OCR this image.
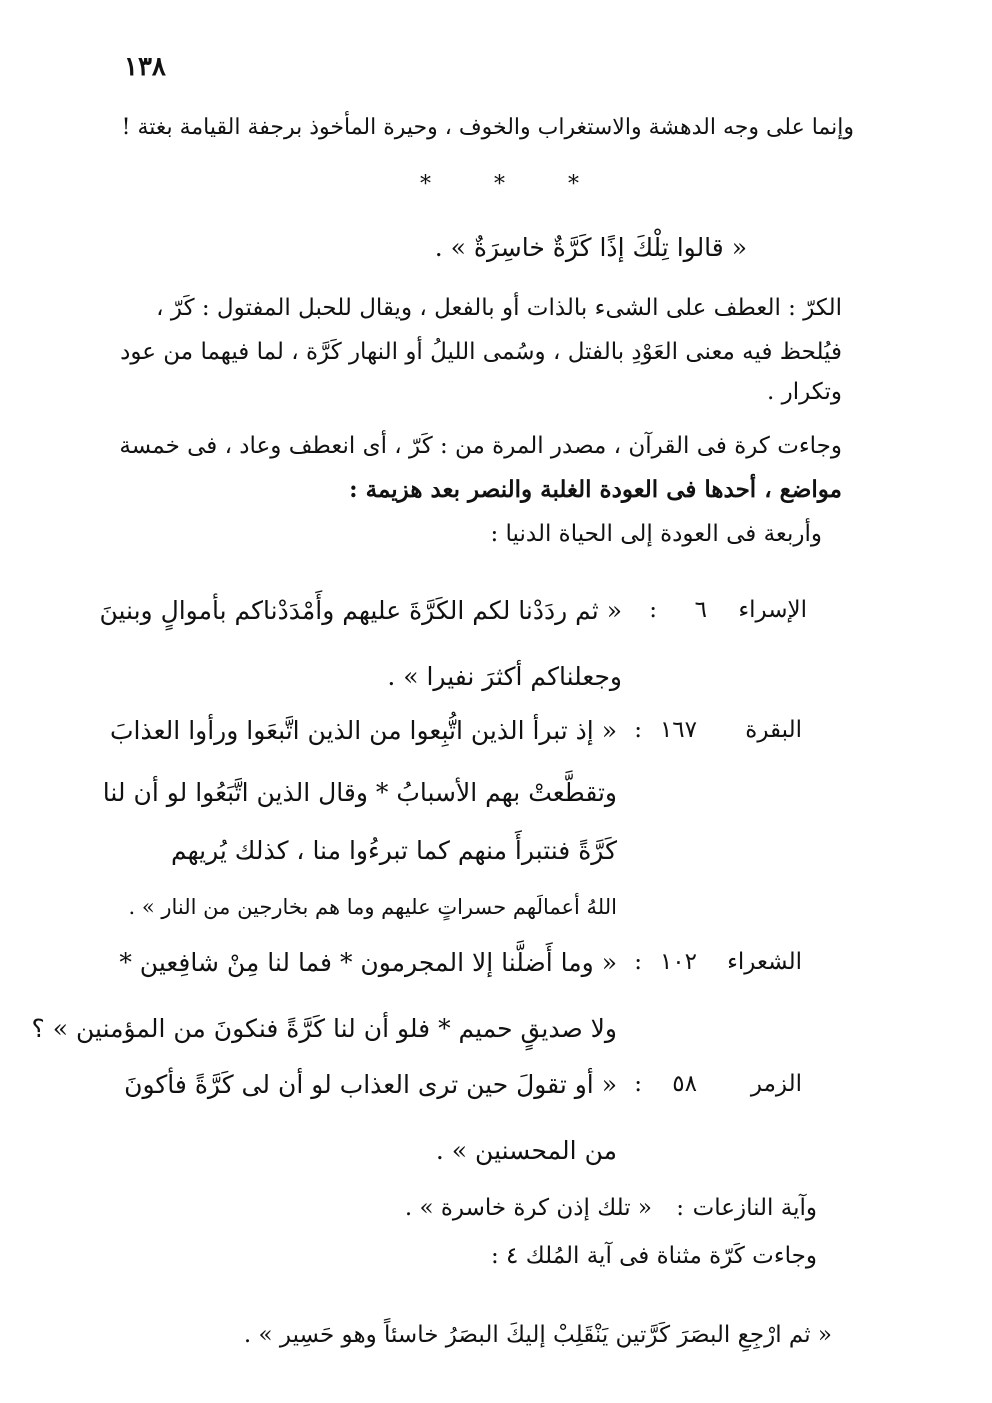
١٣٨
وإنما على وجه الدهشة والاستغراب والخوف ، وحيرة المأخوذ برجفة القيامة بغتة !
* * *
« قالوا تِلْكَ إذًا كَرَّةٌ خاسِرَةٌ » .
الكرّ : العطف على الشىء بالذات أو بالفعل ، ويقال للحبل المفتول : كَرّ ،
فيُلحظ فيه معنى العَوْدِ بالفتل ، وسُمى الليلُ أو النهار كَرَّة ، لما فيهما من عود
وتكرار .
وجاءت كرة فى القرآن ، مصدر المرة من : كَرّ ، أى انعطف وعاد ، فى خمسة
مواضع ، أحدها فى العودة الغلبة والنصر بعد هزيمة :
وأربعة فى العودة إلى الحياة الدنيا :
الإسراء
٦
:
« ثم ردَدْنا لكم الكَرَّةَ عليهم وأَمْدَدْناكم بأموالٍ وبنينَ
وجعلناكم أكثرَ نفيرا » .
البقرة
١٦٧
:
« إذ تبرأ الذين اتُّبِعوا من الذين اتَّبعَوا ورأوا العذابَ
وتقطَّعتْ بهم الأسبابُ * وقال الذين اتَّبَعُوا لو أن لنا
كَرَّةً فنتبرأَ منهم كما تبرءُوا منا ، كذلك يُريهم
اللهُ أعمالَهم حسراتٍ عليهم وما هم بخارجين من النار » .
الشعراء
١٠٢
:
« وما أَضلَّنا إلا المجرمون * فما لنا مِنْ شافِعين *
ولا صديقٍ حميم * فلو أن لنا كَرَّةً فنكونَ من المؤمنين » ؟
الزمر
٥٨
:
« أو تقولَ حين ترى العذاب لو أن لى كَرَّةً فأكونَ
من المحسنين » .
وآية النازعات
:
« تلك إذن كرة خاسرة » .
وجاءت كَرّة مثناة فى آية المُلك ٤ :
« ثم ارْجِعِ البصَرَ كَرَّتين يَنْقَلِبْ إليكَ البصَرُ خاسئاً وهو حَسِير » .
